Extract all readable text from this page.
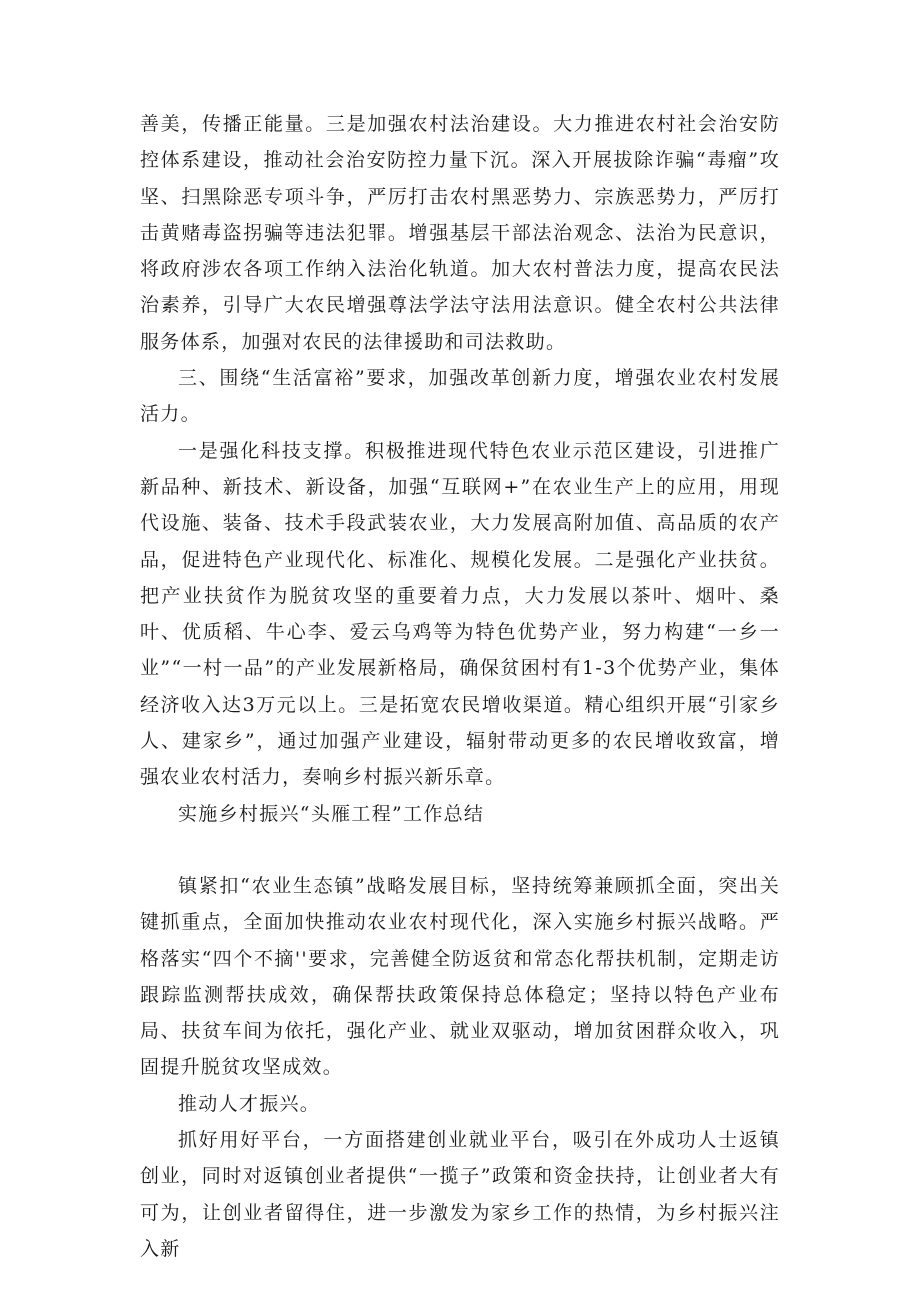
善美，传播正能量。三是加强农村法治建设。大力推进农村社会治安防控体系建设，推动社会治安防控力量下沉。深入开展拔除诈骗“毒瘤”攻坚、扫黑除恶专项斗争，严厉打击农村黑恶势力、宗族恶势力，严厉打击黄赌毒盗拐骗等违法犯罪。增强基层干部法治观念、法治为民意识，将政府涉农各项工作纳入法治化轨道。加大农村普法力度，提高农民法治素养，引导广大农民增强尊法学法守法用法意识。健全农村公共法律服务体系，加强对农民的法律援助和司法救助。

三、围绕“生活富裕”要求，加强改革创新力度，增强农业农村发展活力。

一是强化科技支撑。积极推进现代特色农业示范区建设，引进推广新品种、新技术、新设备，加强“互联网+”在农业生产上的应用，用现代设施、装备、技术手段武装农业，大力发展高附加值、高品质的农产品，促进特色产业现代化、标准化、规模化发展。二是强化产业扶贫。把产业扶贫作为脱贫攻坚的重要着力点，大力发展以茶叶、烟叶、桑叶、优质稻、牛心李、爱云乌鸡等为特色优势产业，努力构建“一乡一业”“一村一品”的产业发展新格局，确保贫困村有1-3个优势产业，集体经济收入达3万元以上。三是拓宽农民增收渠道。精心组织开展“引家乡人、建家乡”，通过加强产业建设，辐射带动更多的农民增收致富，增强农业农村活力，奏响乡村振兴新乐章。

实施乡村振兴“头雁工程”工作总结

镇紧扣“农业生态镇”战略发展目标，坚持统筹兼顾抓全面，突出关键抓重点，全面加快推动农业农村现代化，深入实施乡村振兴战略。严格落实“四个不摘''要求，完善健全防返贫和常态化帮扶机制，定期走访跟踪监测帮扶成效，确保帮扶政策保持总体稳定；坚持以特色产业布局、扶贫车间为依托，强化产业、就业双驱动，增加贫困群众收入，巩固提升脱贫攻坚成效。

推动人才振兴。

抓好用好平台，一方面搭建创业就业平台，吸引在外成功人士返镇创业，同时对返镇创业者提供“一揽子”政策和资金扶持，让创业者大有可为，让创业者留得住，进一步激发为家乡工作的热情，为乡村振兴注入新
